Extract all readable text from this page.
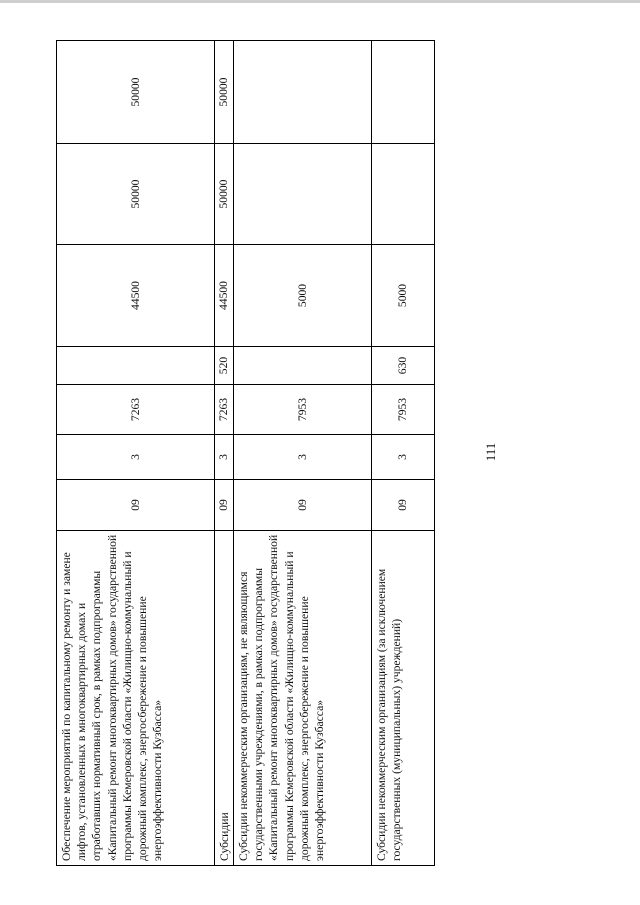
111
Обеспечение мероприятий по капитальному ремонту и замене лифтов, установленных в многоквартирных домах и отработавших нормативный срок, в рамках подпрограммы «Капитальный ремонт многоквартирных домов» государственной программы Кемеровской области «Жилищно-коммунальный и дорожный комплекс, энергосбережение и повышение энергоэффективности Кузбасса»	09	3	7263		44500	50000	50000
Субсидии	09	3	7263	520	44500	50000	50000
Субсидии некоммерческим организациям, не являющимся государственными учреждениями, в рамках подпрограммы «Капитальный ремонт многоквартирных домов» государственной программы Кемеровской области «Жилищно-коммунальный и дорожный комплекс, энергосбережение и повышение энергоэффективности Кузбасса»	09	3	7953		5000		
Субсидии некоммерческим организациям (за исключением государственных (муниципальных) учреждений)	09	3	7953	630	5000		
